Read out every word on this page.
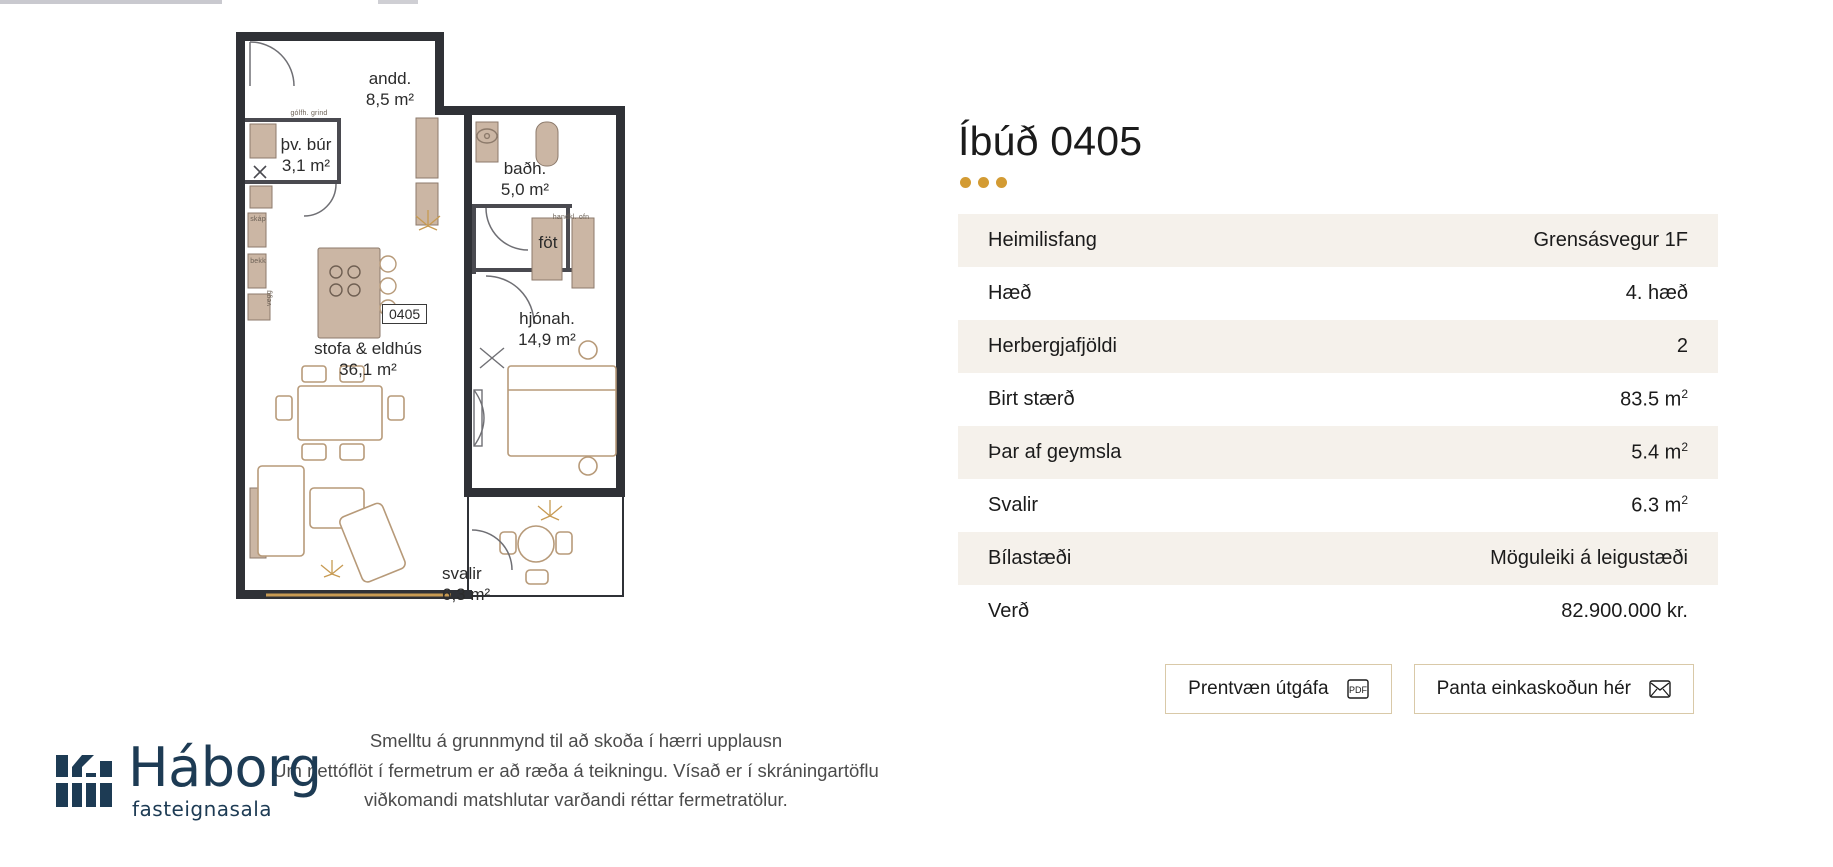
andd.
8,5 m²
þv. búr
3,1 m²	baðh.
5,0 m²
föt
hjónah.
14,9 m²
stofa & eldhús
36,1 m²
svalir
6,3 m²
gólfh. grind
handkl. ofn
skáp
bekk
vegg
0405
Smelltu á grunnmynd til að skoða í hærri upplausn
Um nettóflöt í fermetrum er að ræða á teikningu. Vísað er í skráningartöflu viðkomandi matshlutar varðandi réttar fermetratölur.
Háborg
fasteignasala
Íbúð 0405
Heimilisfang	Grensásvegur 1F
Hæð	4. hæð
Herbergjafjöldi	2
Birt stærð	83.5 $m^2$
Þar af geymsla	5.4 $m^2$
Svalir	6.3 $m^2$
Bílastæði	Möguleiki á leigustæði
Verð	82.900.000 kr.
Prentvæn útgáfa PDF	Panta einkaskoðun hér
